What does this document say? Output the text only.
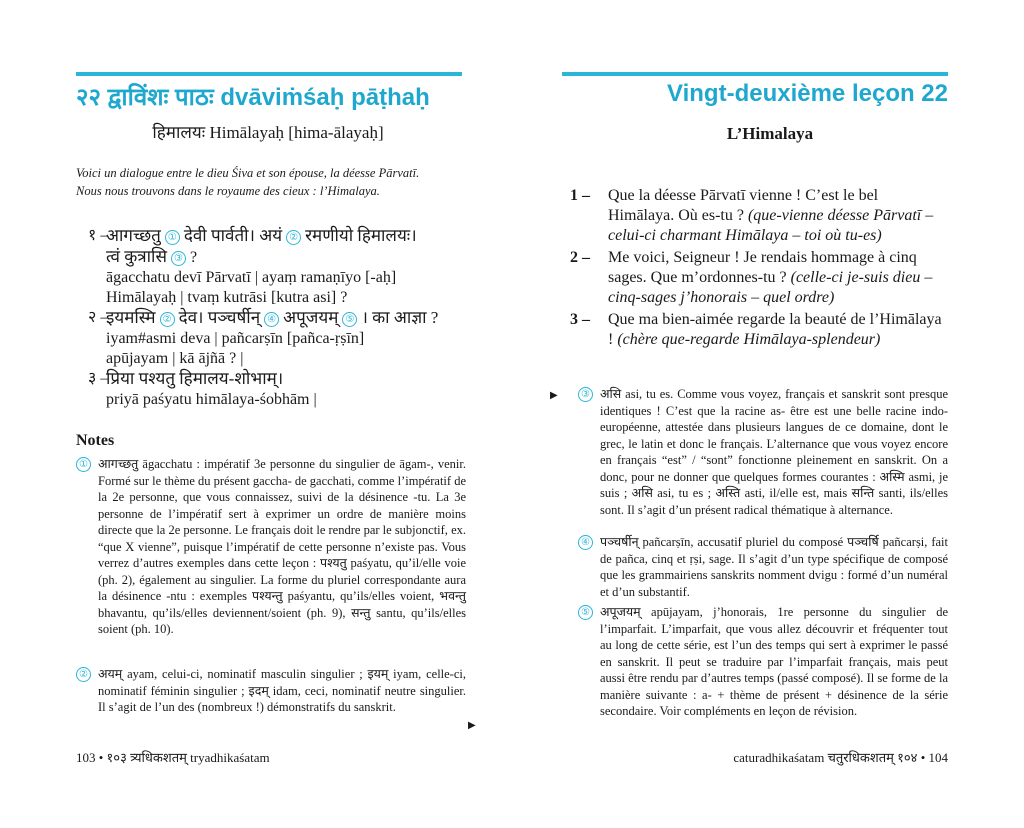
२२ द्वाविंशः पाठः dvāviṁśaḥ pāṭhaḥ
हिमालयः Himālayaḥ [hima-ālayaḥ]
Voici un dialogue entre le dieu Śiva et son épouse, la déesse Pārvatī.
Nous nous trouvons dans le royaume des cieux : l’Himalaya.
१ –
आगच्छतु ① देवी पार्वती। अयं ② रमणीयो हिमालयः।
त्वं कुत्रासि ③ ?
āgacchatu devī Pārvatī | ayaṃ ramaṇīyo [-aḥ]
Himālayaḥ | tvaṃ kutrāsi [kutra asi] ?
२ –
इयमस्मि ② देव। पञ्चर्षीन् ④ अपूजयम् ⑤ । का आज्ञा ?
iyam#asmi deva | pañcarṣīn [pañca-ṛṣīn]
apūjayam | kā ājñā ? |
३ –
प्रिया पश्यतु हिमालय-शोभाम्।
priyā paśyatu himālaya-śobhām |
Notes
① आगच्छतु āgacchatu : impératif 3e personne du singulier de āgam-, venir. Formé sur le thème du présent gaccha- de gacchati, comme l’impératif de la 2e personne, que vous connaissez, suivi de la désinence -tu. La 3e personne de l’impératif sert à exprimer un ordre de manière moins directe que la 2e personne. Le français doit le rendre par le subjonctif, ex. “que X vienne”, puisque l’impératif de cette personne n’existe pas. Vous verrez d’autres exemples dans cette leçon : पश्यतु paśyatu, qu’il/elle voie (ph. 2), également au singulier. La forme du pluriel correspondante aura la désinence -ntu : exemples पश्यन्तु paśyantu, qu’ils/elles voient, भवन्तु bhavantu, qu’ils/elles deviennent/soient (ph. 9), सन्तु santu, qu’ils/elles soient (ph. 10).
② अयम् ayam, celui-ci, nominatif masculin singulier ; इयम् iyam, celle-ci, nominatif féminin singulier ; इदम् idam, ceci, nominatif neutre singulier. Il s’agit de l’un des (nombreux !) démonstratifs du sanskrit.
▶
103 • १०३ त्र्यधिकशतम् tryadhikaśatam
Vingt-deuxième leçon 22
L’Himalaya
1 – Que la déesse Pārvatī vienne ! C’est le bel Himālaya. Où es-tu ? (que-vienne déesse Pārvatī – celui-ci charmant Himālaya – toi où tu-es)
2 – Me voici, Seigneur ! Je rendais hommage à cinq sages. Que m’ordonnes-tu ? (celle-ci je-suis dieu – cinq-sages j’honorais – quel ordre)
3 – Que ma bien-aimée regarde la beauté de l’Himālaya ! (chère que-regarde Himālaya-splendeur)
▶	③ असि asi, tu es. Comme vous voyez, français et sanskrit sont presque identiques ! C’est que la racine as- être est une belle racine indo-européenne, attestée dans plusieurs langues de ce domaine, dont le grec, le latin et donc le français. L’alternance que vous voyez encore en français “est” / “sont” fonctionne pleinement en sanskrit. On a donc, pour ne donner que quelques formes courantes : अस्मि asmi, je suis ; असि asi, tu es ; अस्ति asti, il/elle est, mais सन्ति santi, ils/elles sont. Il s’agit d’un présent radical thématique à alternance.
④ पञ्चर्षीन् pañcarṣīn, accusatif pluriel du composé पञ्चर्षि pañcarṣi, fait de pañca, cinq et ṛṣi, sage. Il s’agit d’un type spécifique de composé que les grammairiens sanskrits nomment dvigu : formé d’un numéral et d’un substantif.
⑤ अपूजयम् apūjayam, j’honorais, 1re personne du singulier de l’imparfait. L’imparfait, que vous allez découvrir et fréquenter tout au long de cette série, est l’un des temps qui sert à exprimer le passé en sanskrit. Il peut se traduire par l’imparfait français, mais peut aussi être rendu par d’autres temps (passé composé). Il se forme de la manière suivante : a- + thème de présent + désinence de la série secondaire. Voir compléments en leçon de révision.
caturadhikaśatam चतुरधिकशतम् १०४ • 104
